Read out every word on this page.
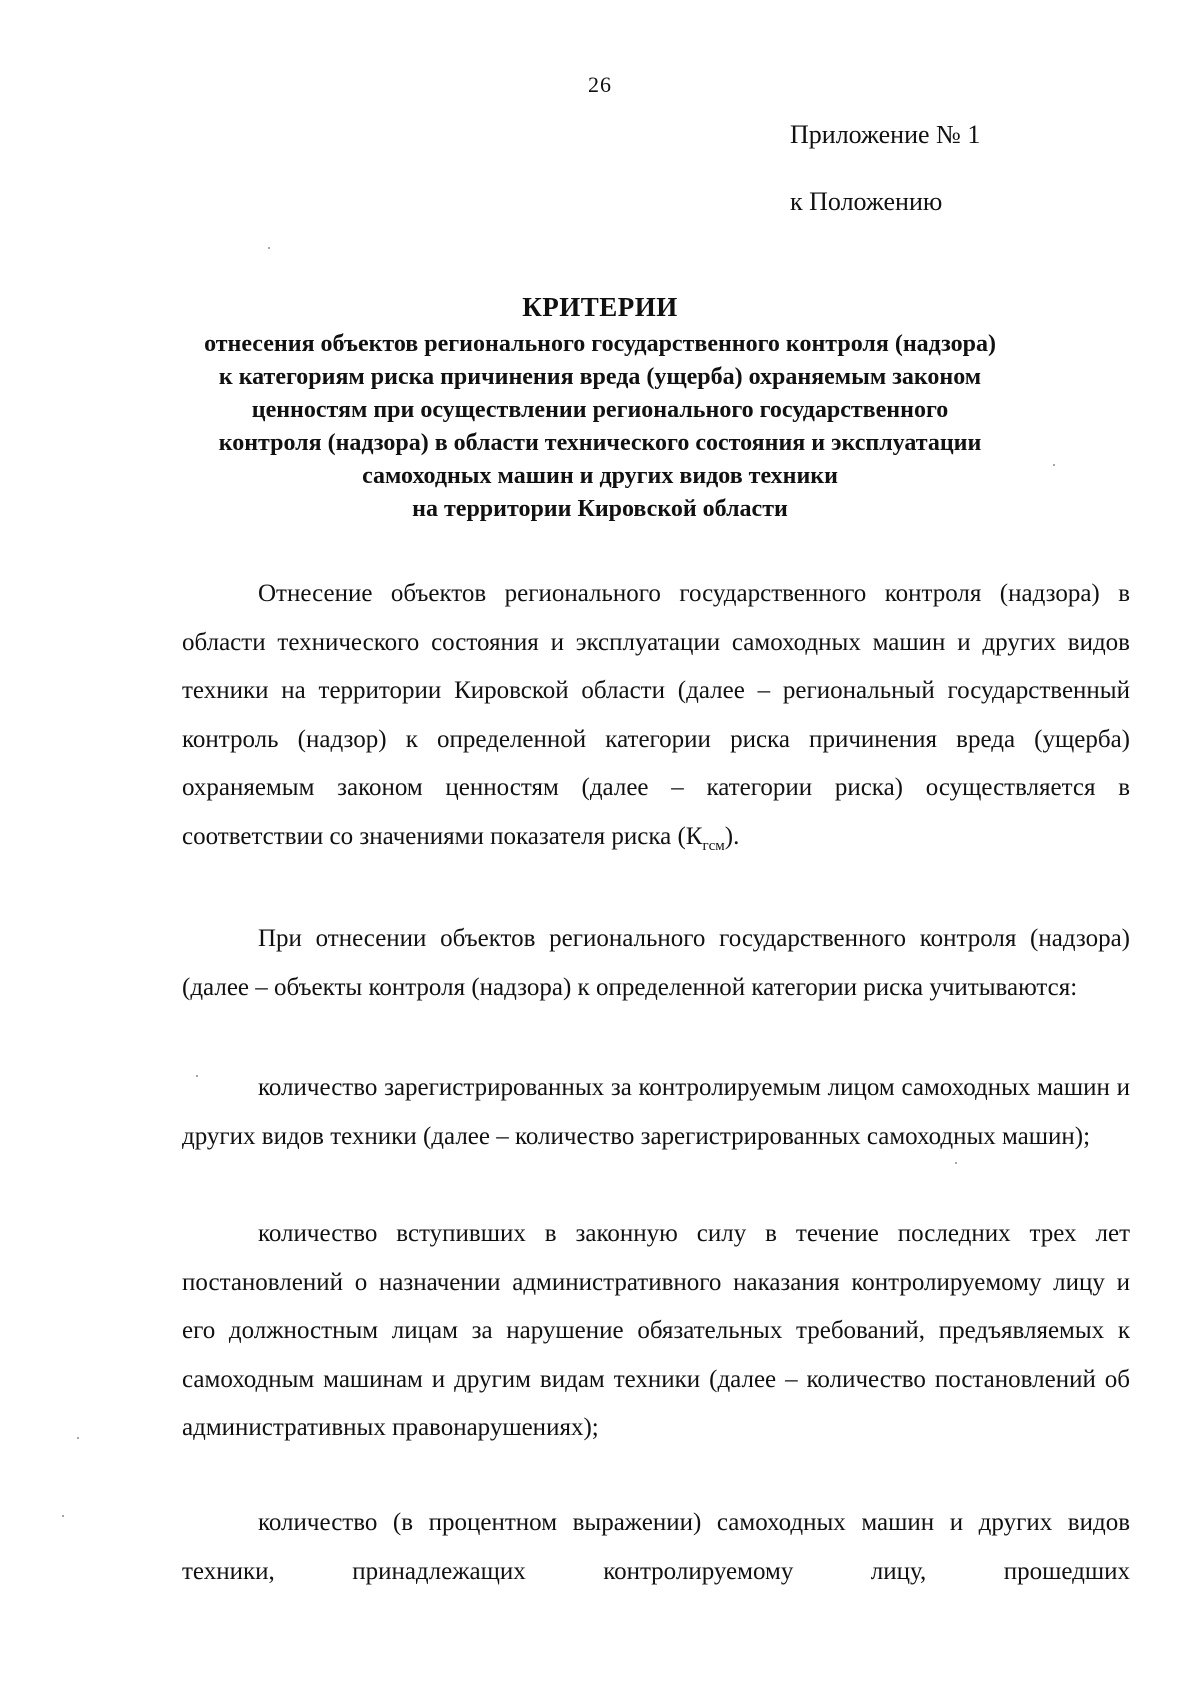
26
Приложение № 1
к Положению
КРИТЕРИИ
отнесения объектов регионального государственного контроля (надзора)
к категориям риска причинения вреда (ущерба) охраняемым законом
ценностям при осуществлении регионального государственного
контроля (надзора) в области технического состояния и эксплуатации
самоходных машин и других видов техники
на территории Кировской области

Отнесение объектов регионального государственного контроля (надзора) в области технического состояния и эксплуатации самоходных машин и других видов техники на территории Кировской области (далее – региональный государственный контроль (надзор) к определенной категории риска причинения вреда (ущерба) охраняемым законом ценностям (далее – категории риска) осуществляется в соответствии со значениями показателя риска $(К_{гсм})$.

При отнесении объектов регионального государственного контроля (надзора) (далее – объекты контроля (надзора) к определенной категории риска учитываются:

количество зарегистрированных за контролируемым лицом самоходных машин и других видов техники (далее – количество зарегистрированных самоходных машин);

количество вступивших в законную силу в течение последних трех лет постановлений о назначении административного наказания контролируемому лицу и его должностным лицам за нарушение обязательных требований, предъявляемых к самоходным машинам и другим видам техники (далее – количество постановлений об административных правонарушениях);

количество (в процентном выражении) самоходных машин и других видов техники, принадлежащих контролируемому лицу, прошедших
